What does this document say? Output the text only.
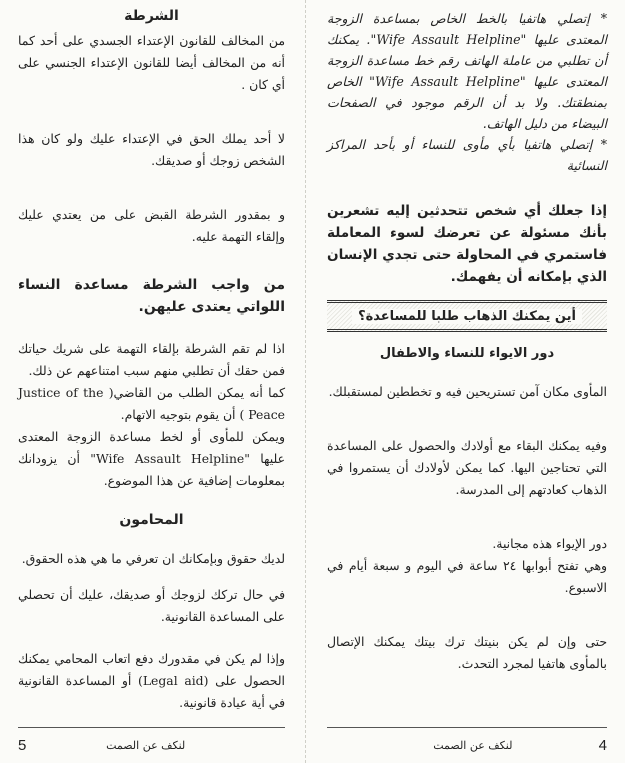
* إتصلي هاتفيا بالخط الخاص بمساعدة الزوجة المعتدى عليها "Wife Assault Helpline". يمكنك أن تطلبي من عاملة الهاتف رقم خط مساعدة الزوجة المعتدى عليها "Wife Assault Helpline" الخاص بمنطقتك. ولا بد أن الرقم موجود في الصفحات البيضاء من دليل الهاتف.

* إتصلي هاتفيا بأي مأوى للنساء أو بأحد المراكز النسائية

إذا جعلك أي شخص تتحدثين إليه تشعرين بأنك مسئولة عن تعرضك لسوء المعاملة فاستمري في المحاولة حتى تجدي الإنسان الذي بإمكانه أن يفهمك.

أين يمكنك الذهاب طلبا للمساعدة؟

دور الايواء للنساء والاطفال

المأوى مكان آمن تستريحين فيه و تخططين لمستقبلك.

وفيه يمكنك البقاء مع أولادك والحصول على المساعدة التي تحتاجين اليها. كما يمكن لأولادك أن يستمروا في الذهاب كعادتهم إلى المدرسة.

دور الإيواء هذه مجانية.

وهي تفتح أبوابها ٢٤ ساعة في اليوم و سبعة أيام في الاسبوع.

حتى وإن لم يكن بنيتك ترك بيتك يمكنك الإتصال بالمأوى هاتفيا لمجرد التحدث.

4
لنكف عن الصمت

الشرطة

من المخالف للقانون الإعتداء الجسدي على أحد كما أنه من المخالف أيضا للقانون الإعتداء الجنسي على أي كان .

لا أحد يملك الحق في الإعتداء عليك ولو كان هذا الشخص زوجك أو صديقك.

و بمقدور الشرطة القبض على من يعتدي عليك وإلقاء التهمة عليه.

من واجب الشرطة مساعدة النساء اللواتي يعتدى عليهن.

اذا لم تقم الشرطة بإلقاء التهمة على شريك حياتك فمن حقك أن تطلبي منهم سبب امتناعهم عن ذلك.

كما أنه يمكن الطلب من القاضي( Justice of the Peace ) أن يقوم بتوجيه الاتهام.

ويمكن للمأوى أو لخط مساعدة الزوجة المعتدى عليها "Wife Assault Helpline" أن يزودانك بمعلومات إضافية عن هذا الموضوع.

المحامون

لديك حقوق وبإمكانك ان تعرفي ما هي هذه الحقوق.

في حال تركك لزوجك أو صديقك، عليك أن تحصلي على المساعدة القانونية.

وإذا لم يكن في مقدورك دفع اتعاب المحامي يمكنك الحصول على (Legal aid) أو المساعدة القانونية في أية عيادة قانونية.

لنكف عن الصمت
5
